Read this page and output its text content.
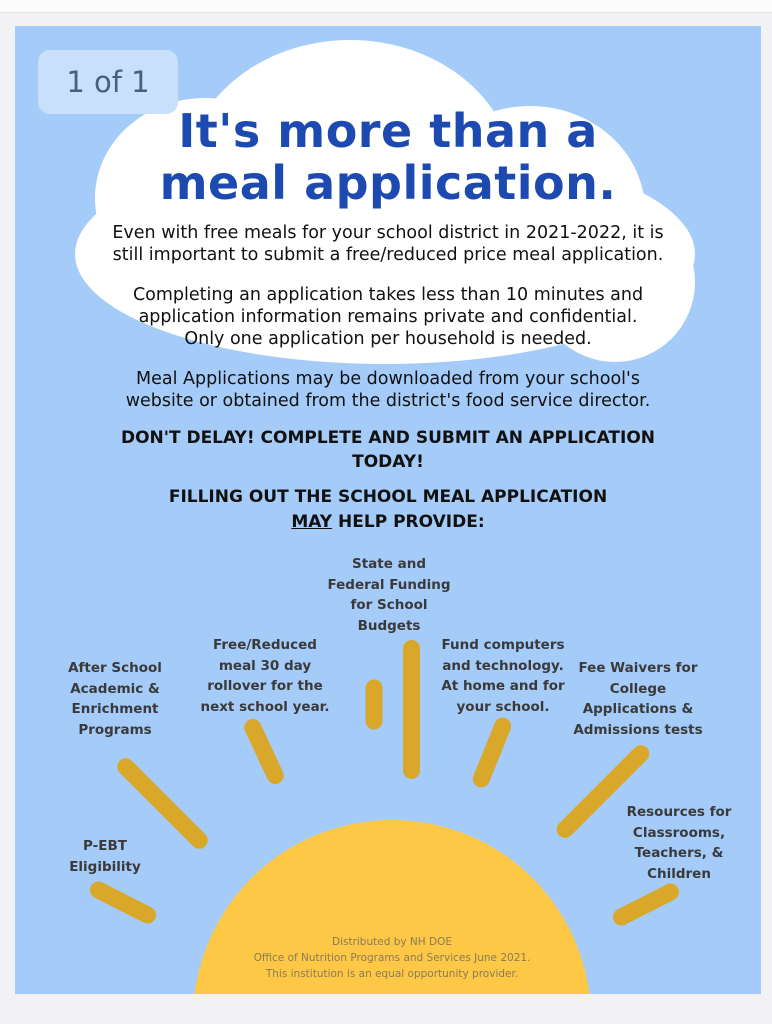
1 of 1
It's more than a
meal application.
Even with free meals for your school district in 2021-2022, it is
still important to submit a free/reduced price meal application.
Completing an application takes less than 10 minutes and
application information remains private and confidential.
Only one application per household is needed.
Meal Applications may be downloaded from your school's
website or obtained from the district's food service director.
DON'T DELAY! COMPLETE AND SUBMIT AN APPLICATION
TODAY!
FILLING OUT THE SCHOOL MEAL APPLICATION
MAY HELP PROVIDE:
P-EBT
Eligibility
After School
Academic &
Enrichment
Programs
Free/Reduced
meal 30 day
rollover for the
next school year.
State and
Federal Funding
for School
Budgets
Fund computers
and technology.
At home and for
your school.
Fee Waivers for
College
Applications &
Admissions tests
Resources for
Classrooms,
Teachers, &
Children
Distributed by NH DOE
Office of Nutrition Programs and Services June 2021.
This institution is an equal opportunity provider.
